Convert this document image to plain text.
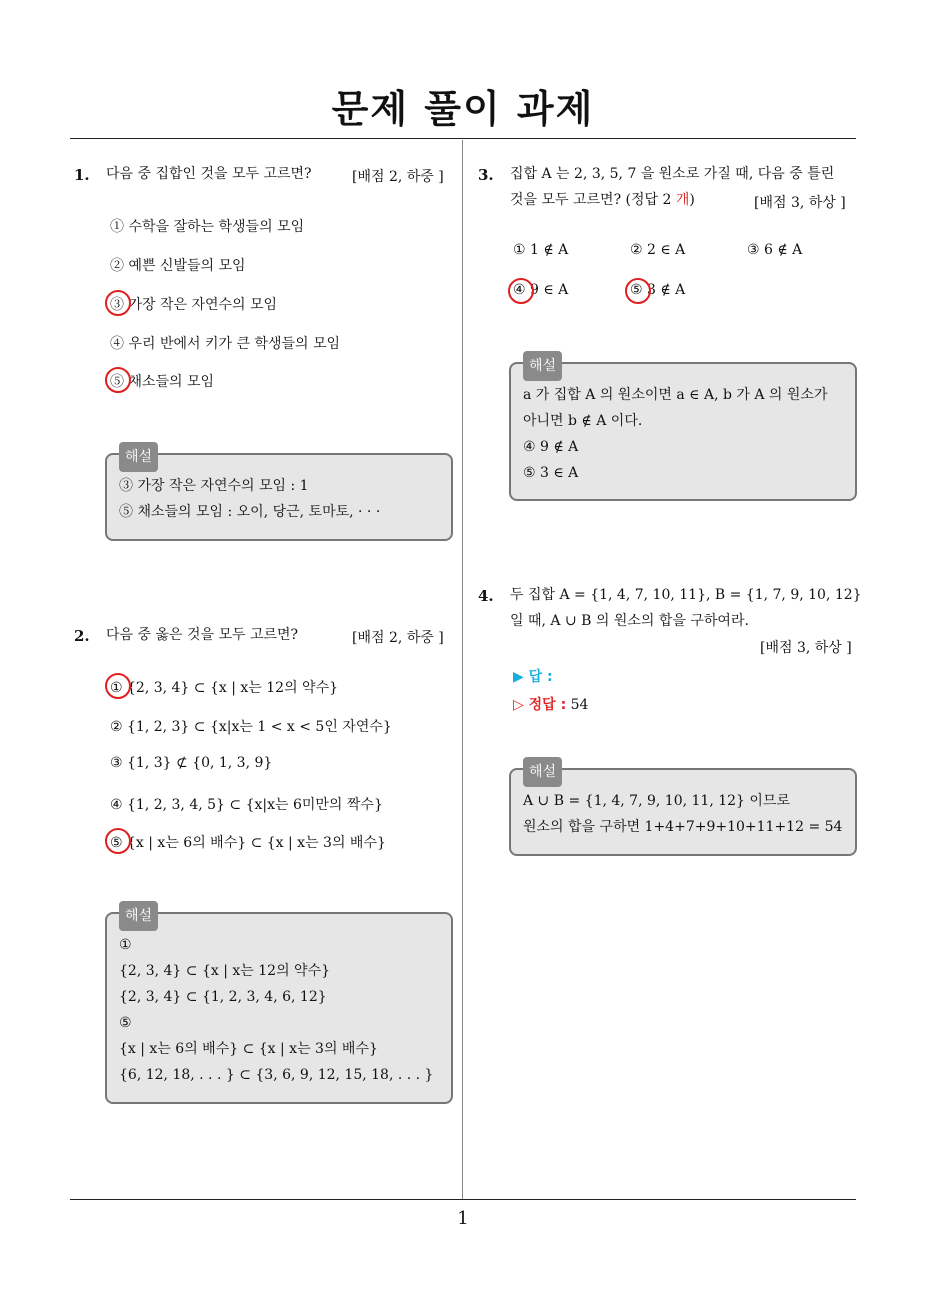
문제 풀이 과제
1. 다음 중 집합인 것을 모두 고르면?	[배점 2, 하중 ]
① 수학을 잘하는 학생들의 모임
② 예쁜 신발들의 모임
③ 가장 작은 자연수의 모임
④ 우리 반에서 키가 큰 학생들의 모임
⑤ 채소들의 모임
해설
③ 가장 작은 자연수의 모임 : 1
⑤ 채소들의 모임 : 오이, 당근, 토마토, · · ·
2. 다음 중 옳은 것을 모두 고르면?	[배점 2, 하중 ]
① {2, 3, 4} ⊂ {x | x는 12의 약수}
② {1, 2, 3} ⊂ {x|x는 1 < x < 5인 자연수}
③ {1, 3} ⊄ {0, 1, 3, 9}
④ {1, 2, 3, 4, 5} ⊂ {x|x는 6미만의 짝수}
⑤ {x | x는 6의 배수} ⊂ {x | x는 3의 배수}
해설
①
{2, 3, 4} ⊂ {x | x는 12의 약수}
{2, 3, 4} ⊂ {1, 2, 3, 4, 6, 12}
⑤
{x | x는 6의 배수} ⊂ {x | x는 3의 배수}
{6, 12, 18, . . . } ⊂ {3, 6, 9, 12, 15, 18, . . . }
3. 집합 A 는 2, 3, 5, 7 을 원소로 가질 때, 다음 중 틀린
것을 모두 고르면? (정답 2 개)	[배점 3, 하상 ]
① 1 ∉ A	② 2 ∈ A	③ 6 ∉ A
④ 9 ∈ A	⑤ 3 ∉ A
해설
a 가 집합 A 의 원소이면 a ∈ A, b 가 A 의 원소가
아니면 b ∉ A 이다.
④ 9 ∉ A
⑤ 3 ∈ A
4. 두 집합 A = {1, 4, 7, 10, 11}, B = {1, 7, 9, 10, 12}
일 때, A ∪ B 의 원소의 합을 구하여라.
[배점 3, 하상 ]
▶ 답 :
▷ 정답 : 54
해설
A ∪ B = {1, 4, 7, 9, 10, 11, 12} 이므로
원소의 합을 구하면 1+4+7+9+10+11+12 = 54
1
